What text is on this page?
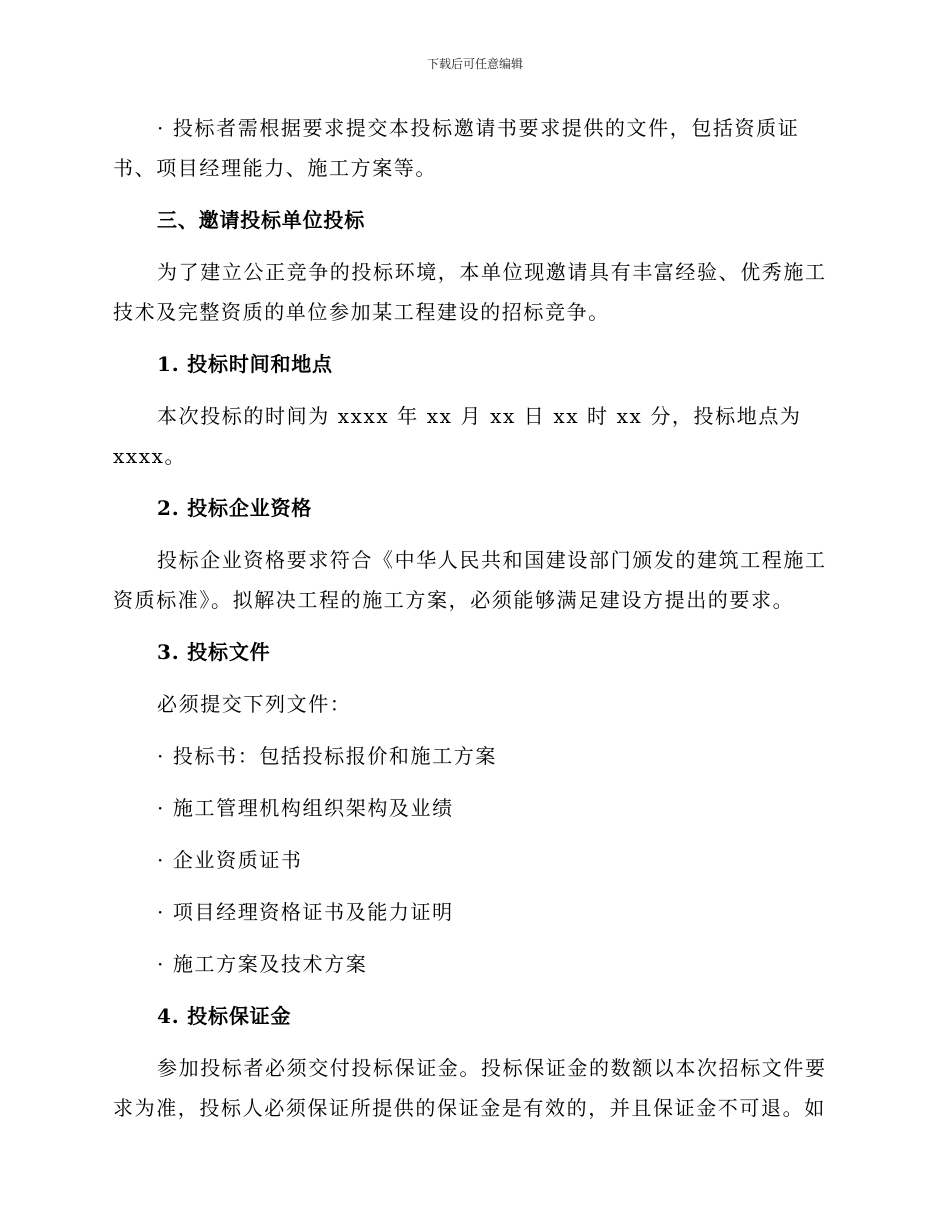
下载后可任意编辑

· 投标者需根据要求提交本投标邀请书要求提供的文件，包括资质证书、项目经理能力、施工方案等。

三、邀请投标单位投标

为了建立公正竞争的投标环境，本单位现邀请具有丰富经验、优秀施工技术及完整资质的单位参加某工程建设的招标竞争。

1. 投标时间和地点

本次投标的时间为 xxxx 年 xx 月 xx 日 xx 时 xx 分，投标地点为 xxxx。

2. 投标企业资格

投标企业资格要求符合《中华人民共和国建设部门颁发的建筑工程施工资质标准》。拟解决工程的施工方案，必须能够满足建设方提出的要求。

3. 投标文件

必须提交下列文件：

· 投标书：包括投标报价和施工方案

· 施工管理机构组织架构及业绩

· 企业资质证书

· 项目经理资格证书及能力证明

· 施工方案及技术方案

4. 投标保证金

参加投标者必须交付投标保证金。投标保证金的数额以本次招标文件要求为准，投标人必须保证所提供的保证金是有效的，并且保证金不可退。如
